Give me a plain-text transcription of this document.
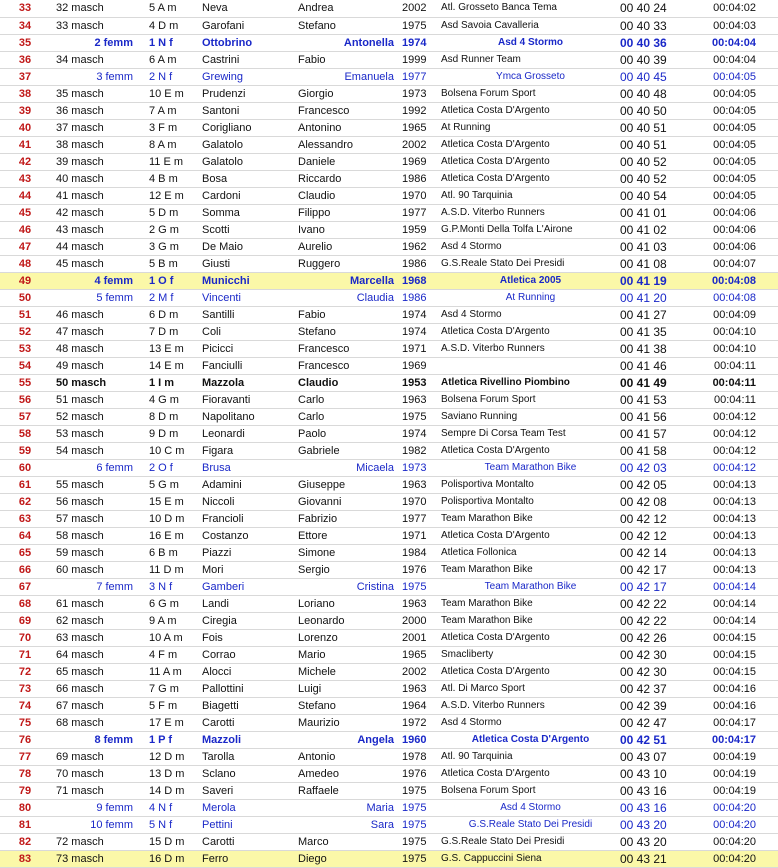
33	32 masch	5 A m	Neva	Andrea	2002	Atl. Grosseto Banca Tema	00 40 24	00:04:02
34	33 masch	4 D m	Garofani	Stefano	1975	Asd Savoia Cavalleria	00 40 33	00:04:03
35	2 femm	1 N f	Ottobrino	Antonella	1974	Asd 4 Stormo	00 40 36	00:04:04
36	34 masch	6 A m	Castrini	Fabio	1999	Asd Runner Team	00 40 39	00:04:04
37	3 femm	2 N f	Grewing	Emanuela	1977	Ymca Grosseto	00 40 45	00:04:05
38	35 masch	10 E m	Prudenzi	Giorgio	1973	Bolsena Forum Sport	00 40 48	00:04:05
39	36 masch	7 A m	Santoni	Francesco	1992	Atletica Costa D'Argento	00 40 50	00:04:05
40	37 masch	3 F m	Corigliano	Antonino	1965	At Running	00 40 51	00:04:05
41	38 masch	8 A m	Galatolo	Alessandro	2002	Atletica Costa D'Argento	00 40 51	00:04:05
42	39 masch	11 E m	Galatolo	Daniele	1969	Atletica Costa D'Argento	00 40 52	00:04:05
43	40 masch	4 B m	Bosa	Riccardo	1986	Atletica Costa D'Argento	00 40 52	00:04:05
44	41 masch	12 E m	Cardoni	Claudio	1970	Atl. 90 Tarquinia	00 40 54	00:04:05
45	42 masch	5 D m	Somma	Filippo	1977	A.S.D. Viterbo Runners	00 41 01	00:04:06
46	43 masch	2 G m	Scotti	Ivano	1959	G.P.Monti Della Tolfa L'Airone	00 41 02	00:04:06
47	44 masch	3 G m	De Maio	Aurelio	1962	Asd 4 Stormo	00 41 03	00:04:06
48	45 masch	5 B m	Giusti	Ruggero	1986	G.S.Reale Stato Dei Presidi	00 41 08	00:04:07
49	4 femm	1 O f	Municchi	Marcella	1968	Atletica 2005	00 41 19	00:04:08
50	5 femm	2 M f	Vincenti	Claudia	1986	At Running	00 41 20	00:04:08
51	46 masch	6 D m	Santilli	Fabio	1974	Asd 4 Stormo	00 41 27	00:04:09
52	47 masch	7 D m	Coli	Stefano	1974	Atletica Costa D'Argento	00 41 35	00:04:10
53	48 masch	13 E m	Picicci	Francesco	1971	A.S.D. Viterbo Runners	00 41 38	00:04:10
54	49 masch	14 E m	Fanciulli	Francesco	1969		00 41 46	00:04:11
55	50 masch	1 I m	Mazzola	Claudio	1953	Atletica Rivellino Piombino	00 41 49	00:04:11
56	51 masch	4 G m	Fioravanti	Carlo	1963	Bolsena Forum Sport	00 41 53	00:04:11
57	52 masch	8 D m	Napolitano	Carlo	1975	Saviano Running	00 41 56	00:04:12
58	53 masch	9 D m	Leonardi	Paolo	1974	Sempre Di Corsa Team Test	00 41 57	00:04:12
59	54 masch	10 C m	Figara	Gabriele	1982	Atletica Costa D'Argento	00 41 58	00:04:12
60	6 femm	2 O f	Brusa	Micaela	1973	Team Marathon Bike	00 42 03	00:04:12
61	55 masch	5 G m	Adamini	Giuseppe	1963	Polisportiva Montalto	00 42 05	00:04:13
62	56 masch	15 E m	Niccoli	Giovanni	1970	Polisportiva Montalto	00 42 08	00:04:13
63	57 masch	10 D m	Francioli	Fabrizio	1977	Team Marathon Bike	00 42 12	00:04:13
64	58 masch	16 E m	Costanzo	Ettore	1971	Atletica Costa D'Argento	00 42 12	00:04:13
65	59 masch	6 B m	Piazzi	Simone	1984	Atletica Follonica	00 42 14	00:04:13
66	60 masch	11 D m	Mori	Sergio	1976	Team Marathon Bike	00 42 17	00:04:13
67	7 femm	3 N f	Gamberi	Cristina	1975	Team Marathon Bike	00 42 17	00:04:14
68	61 masch	6 G m	Landi	Loriano	1963	Team Marathon Bike	00 42 22	00:04:14
69	62 masch	9 A m	Ciregia	Leonardo	2000	Team Marathon Bike	00 42 22	00:04:14
70	63 masch	10 A m	Fois	Lorenzo	2001	Atletica Costa D'Argento	00 42 26	00:04:15
71	64 masch	4 F m	Corrao	Mario	1965	Smacliberty	00 42 30	00:04:15
72	65 masch	11 A m	Alocci	Michele	2002	Atletica Costa D'Argento	00 42 30	00:04:15
73	66 masch	7 G m	Pallottini	Luigi	1963	Atl. Di Marco Sport	00 42 37	00:04:16
74	67 masch	5 F m	Biagetti	Stefano	1964	A.S.D. Viterbo Runners	00 42 39	00:04:16
75	68 masch	17 E m	Carotti	Maurizio	1972	Asd 4 Stormo	00 42 47	00:04:17
76	8 femm	1 P f	Mazzoli	Angela	1960	Atletica Costa D'Argento	00 42 51	00:04:17
77	69 masch	12 D m	Tarolla	Antonio	1978	Atl. 90 Tarquinia	00 43 07	00:04:19
78	70 masch	13 D m	Sclano	Amedeo	1976	Atletica Costa D'Argento	00 43 10	00:04:19
79	71 masch	14 D m	Saveri	Raffaele	1975	Bolsena Forum Sport	00 43 16	00:04:19
80	9 femm	4 N f	Merola	Maria	1975	Asd 4 Stormo	00 43 16	00:04:20
81	10 femm	5 N f	Pettini	Sara	1975	G.S.Reale Stato Dei Presidi	00 43 20	00:04:20
82	72 masch	15 D m	Carotti	Marco	1975	G.S.Reale Stato Dei Presidi	00 43 20	00:04:20
83	73 masch	16 D m	Ferro	Diego	1975	G.S. Cappuccini Siena	00 43 21	00:04:20
